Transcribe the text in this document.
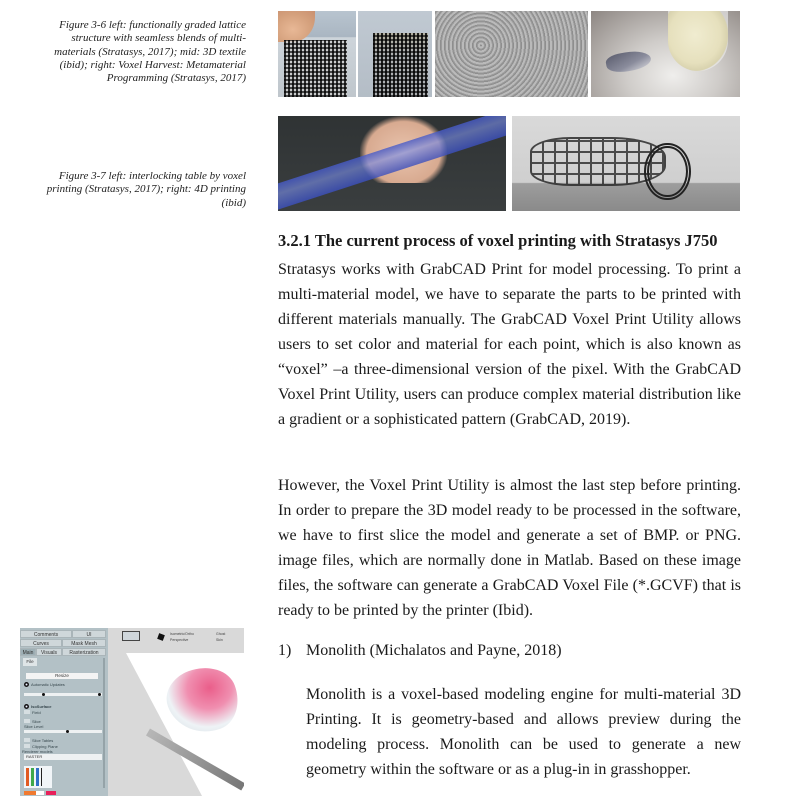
Figure 3-6 left: functionally graded lattice
structure with seamless blends of multi-
materials (Stratasys, 2017); mid: 3D textile
(ibid); right: Voxel Harvest: Metamaterial
Programming (Stratasys, 2017)
Figure 3-7 left: interlocking table by voxel
printing (Stratasys, 2017); right: 4D printing
(ibid)
3.2.1 The current process of voxel printing with Stratasys J750
Stratasys works with GrabCAD Print for model processing. To print a multi-material model, we have to separate the parts to be printed with different materials manually. The GrabCAD Voxel Print Utility allows users to set color and material for each point, which is also known as “voxel” –a three-dimensional version of the pixel. With the GrabCAD Voxel Print Utility, users can produce complex material distribution like a gradient or a sophisticated pattern (GrabCAD, 2019).
However, the Voxel Print Utility is almost the last step before printing. In order to prepare the 3D model ready to be processed in the software, we have to first slice the model and generate a set of BMP. or PNG. image files, which are normally done in Matlab. Based on these image files, the software can generate a GrabCAD Voxel File (*.GCVF) that is ready to be printed by the printer (Ibid).
1) Monolith (Michalatos and Payne, 2018)
Monolith is a voxel-based modeling engine for multi-material 3D Printing. It is geometry-based and allows preview during the modeling process. Monolith can be used to generate a new geometry within the software or as a plug-in in grasshopper.
Comments	UI
Curves	Mask Mesh
Main	Visuals	Rasterization
File
Resize
Automatic Updates
IsoSurface
Field
Slice
Slice Level
Slice Tables
Clipping Plane
Renderer models
RASTER
Isometric/Ortho
Perspective
Ghost
Skin
